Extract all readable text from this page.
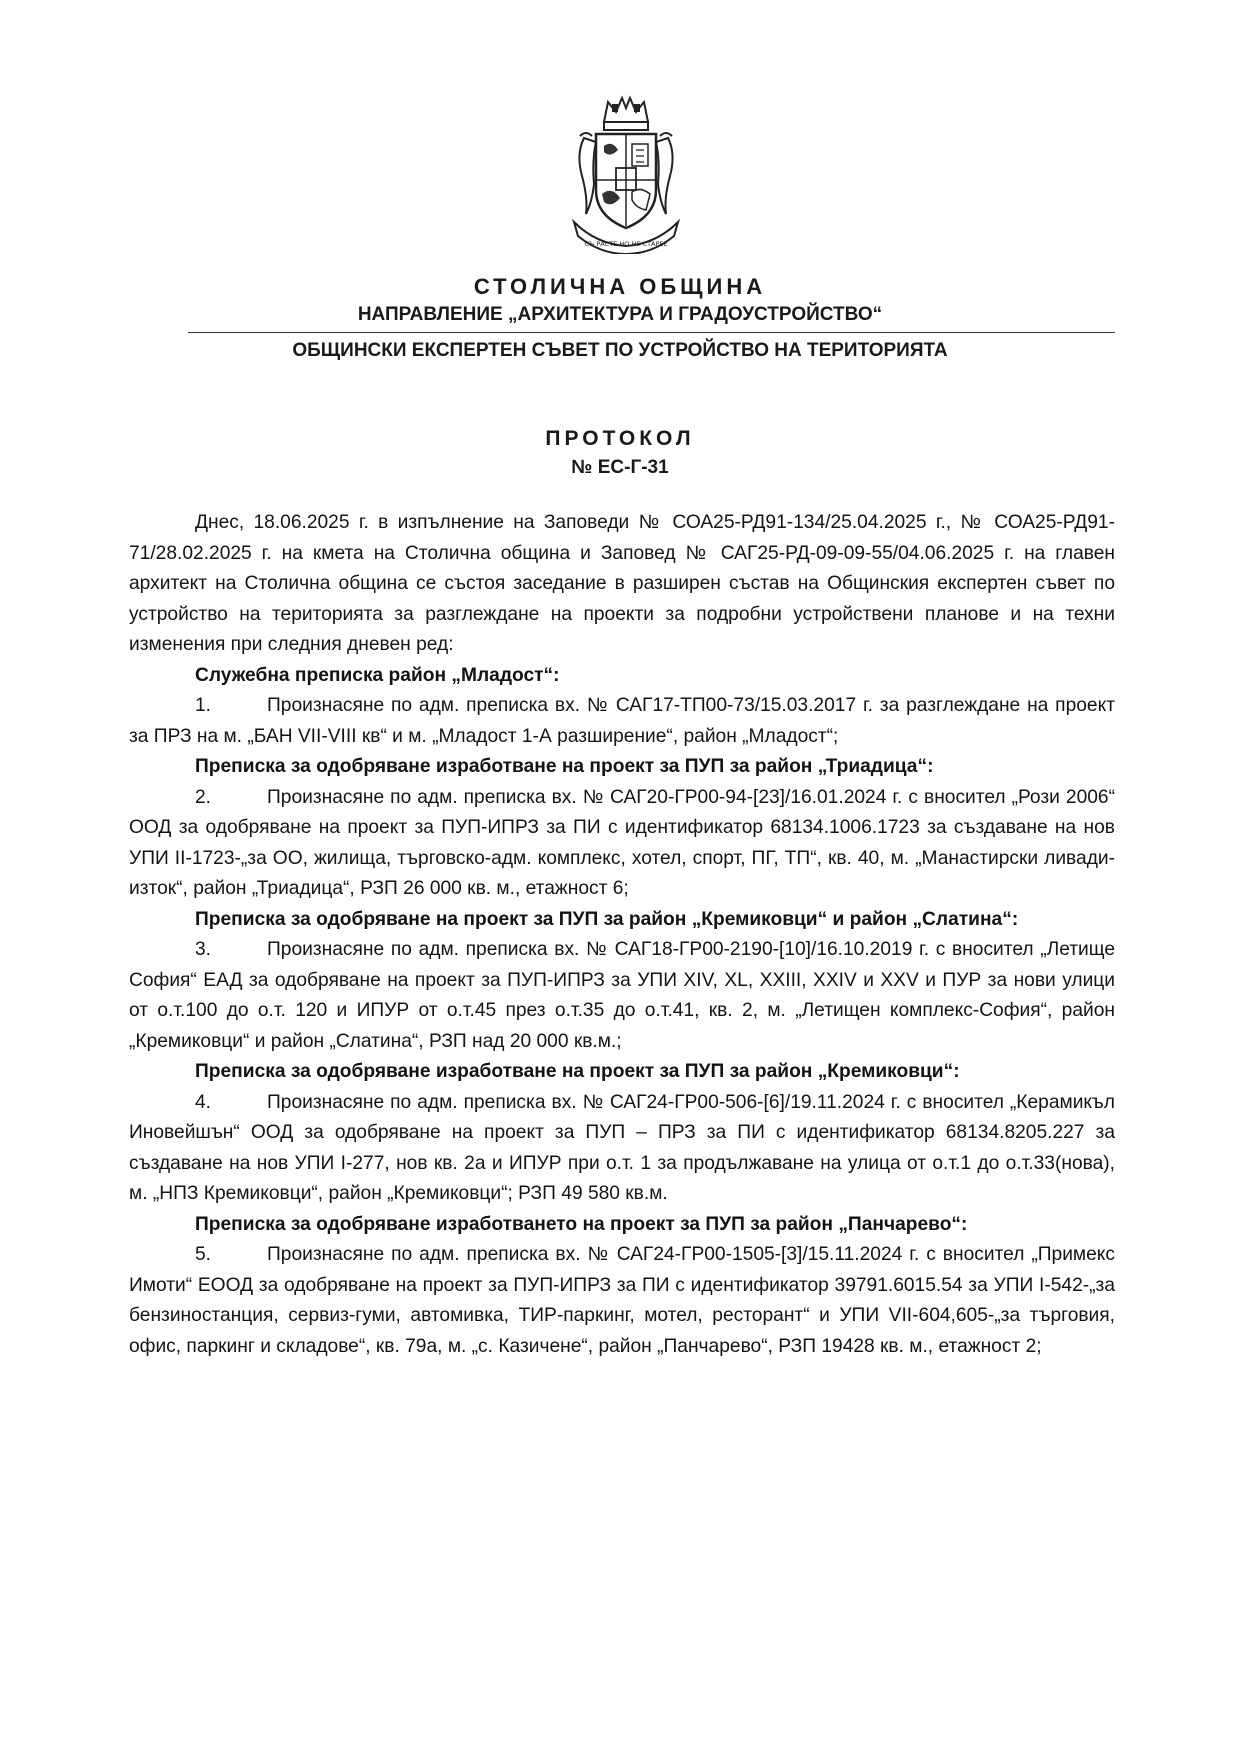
СЪ РАСТЕ НО НЕ СТАРЕЕ
СТОЛИЧНА ОБЩИНА
НАПРАВЛЕНИЕ „АРХИТЕКТУРА И ГРАДОУСТРОЙСТВО“
ОБЩИНСКИ ЕКСПЕРТЕН СЪВЕТ ПО УСТРОЙСТВО НА ТЕРИТОРИЯТА
ПРОТОКОЛ
№ ЕС-Г-31

Днес, 18.06.2025 г. в изпълнение на Заповеди № СОА25-РД91-134/25.04.2025 г., № СОА25-РД91-71/28.02.2025 г. на кмета на Столична община и Заповед № САГ25-РД-09-09-55/04.06.2025 г. на главен архитект на Столична община се състоя заседание в разширен състав на Общинския експертен съвет по устройство на територията за разглеждане на проекти за подробни устройствени планове и на техни изменения при следния дневен ред:

Служебна преписка район „Младост“:

1.	Произнасяне по адм. преписка вх. № САГ17-ТП00-73/15.03.2017 г. за разглеждане на проект за ПРЗ на м. „БАН VII-VIII кв“ и м. „Младост 1-А разширение“, район „Младост“;

Преписка за одобряване изработване на проект за ПУП за район „Триадица“:

2.	Произнасяне по адм. преписка вх. № САГ20-ГР00-94-[23]/16.01.2024 г. с вносител „Рози 2006“ ООД за одобряване на проект за ПУП-ИПРЗ за ПИ с идентификатор 68134.1006.1723 за създаване на нов УПИ II-1723-„за ОО, жилища, търговско-адм. комплекс, хотел, спорт, ПГ, ТП“, кв. 40, м. „Манастирски ливади-изток“, район „Триадица“, РЗП 26 000 кв. м., етажност 6;

Преписка за одобряване на проект за ПУП за район „Кремиковци“ и район „Слатина“:

3.	Произнасяне по адм. преписка вх. № САГ18-ГР00-2190-[10]/16.10.2019 г. с вносител „Летище София“ ЕАД за одобряване на проект за ПУП-ИПРЗ за УПИ XIV, XL, XXIII, XXIV и XXV и ПУР за нови улици от о.т.100 до о.т. 120 и ИПУР от о.т.45 през о.т.35 до о.т.41, кв. 2, м. „Летищен комплекс-София“, район „Кремиковци“ и район „Слатина“, РЗП над 20 000 кв.м.;

Преписка за одобряване изработване на проект за ПУП за район „Кремиковци“:

4.	Произнасяне по адм. преписка вх. № САГ24-ГР00-506-[6]/19.11.2024 г. с вносител „Керамикъл Иновейшън“ ООД за одобряване на проект за ПУП – ПРЗ за ПИ с идентификатор 68134.8205.227 за създаване на нов УПИ I-277, нов кв. 2а и ИПУР при о.т. 1 за продължаване на улица от о.т.1 до о.т.33(нова), м. „НПЗ Кремиковци“, район „Кремиковци“; РЗП 49 580 кв.м.

Преписка за одобряване изработването на проект за ПУП за район „Панчарево“:

5.	Произнасяне по адм. преписка вх. № САГ24-ГР00-1505-[3]/15.11.2024 г. с вносител „Примекс Имоти“ ЕООД за одобряване на проект за ПУП-ИПРЗ за ПИ с идентификатор 39791.6015.54 за УПИ I-542-„за бензиностанция, сервиз-гуми, автомивка, ТИР-паркинг, мотел, ресторант“ и УПИ VII-604,605-„за търговия, офис, паркинг и складове“, кв. 79а, м. „с. Казичене“, район „Панчарево“, РЗП 19428 кв. м., етажност 2;
